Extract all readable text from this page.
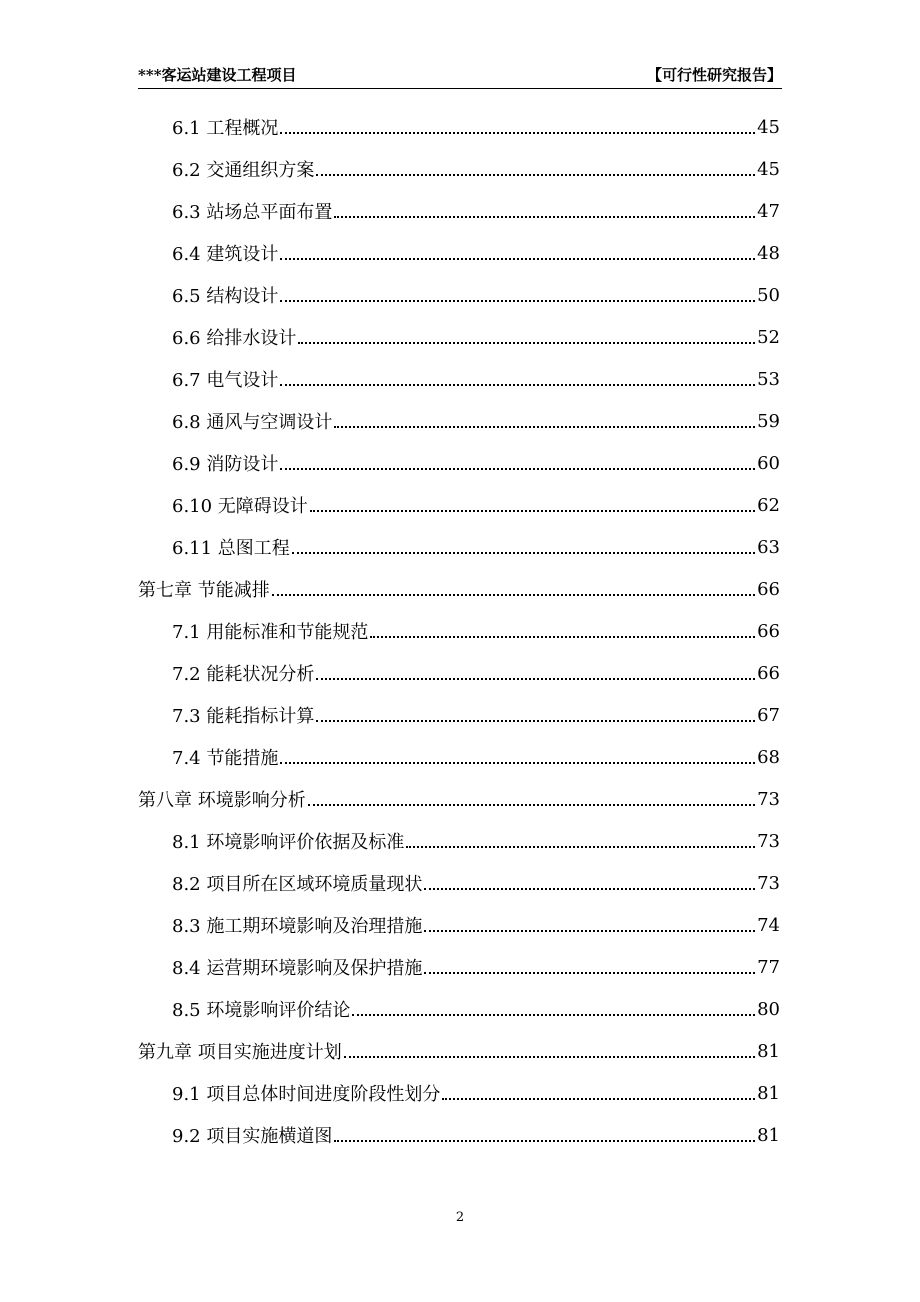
***客运站建设工程项目	【可行性研究报告】
6.1 工程概况	45
6.2 交通组织方案	45
6.3 站场总平面布置	47
6.4 建筑设计	48
6.5 结构设计	50
6.6 给排水设计	52
6.7 电气设计	53
6.8 通风与空调设计	59
6.9 消防设计	60
6.10 无障碍设计	62
6.11 总图工程	63
第七章 节能减排	66
7.1 用能标准和节能规范	66
7.2 能耗状况分析	66
7.3 能耗指标计算	67
7.4 节能措施	68
第八章 环境影响分析	73
8.1 环境影响评价依据及标准	73
8.2 项目所在区域环境质量现状	73
8.3 施工期环境影响及治理措施	74
8.4 运营期环境影响及保护措施	77
8.5 环境影响评价结论	80
第九章 项目实施进度计划	81
9.1 项目总体时间进度阶段性划分	81
9.2 项目实施横道图	81
2
